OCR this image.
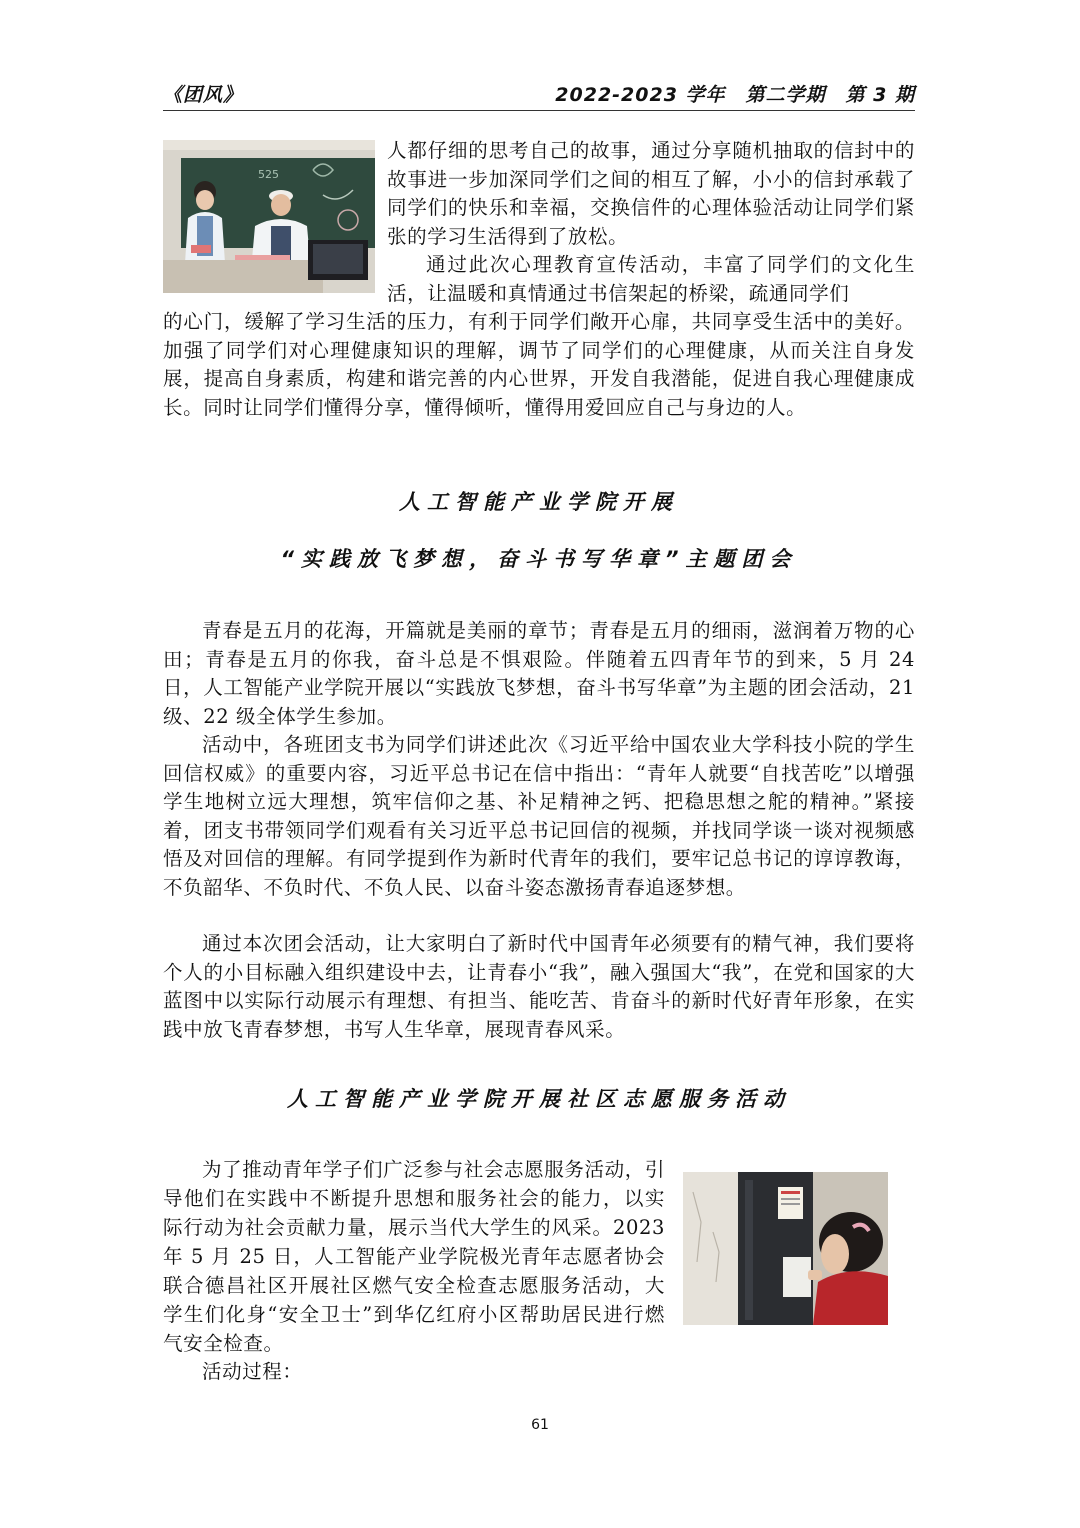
《团风》	2022-2023 学年　第二学期　第 3 期
525

人都仔细的思考自己的故事，通过分享随机抽取的信封中的故事进一步加深同学们之间的相互了解，小小的信封承载了同学们的快乐和幸福，交换信件的心理体验活动让同学们紧张的学习生活得到了放松。

通过此次心理教育宣传活动，丰富了同学们的文化生活，让温暖和真情通过书信架起的桥梁，疏通同学们

的心门，缓解了学习生活的压力，有利于同学们敞开心扉，共同享受生活中的美好。加强了同学们对心理健康知识的理解，调节了同学们的心理健康，从而关注自身发展，提高自身素质，构建和谐完善的内心世界，开发自我潜能，促进自我心理健康成长。同时让同学们懂得分享，懂得倾听，懂得用爱回应自己与身边的人。

人工智能产业学院开展
“实践放飞梦想，奋斗书写华章”主题团会

青春是五月的花海，开篇就是美丽的章节；青春是五月的细雨，滋润着万物的心田；青春是五月的你我，奋斗总是不惧艰险。伴随着五四青年节的到来，5 月 24 日，人工智能产业学院开展以“实践放飞梦想，奋斗书写华章”为主题的团会活动，21 级、22 级全体学生参加。

活动中，各班团支书为同学们讲述此次《习近平给中国农业大学科技小院的学生回信权威》的重要内容，习近平总书记在信中指出：“青年人就要“自找苦吃”以增强学生地树立远大理想，筑牢信仰之基、补足精神之钙、把稳思想之舵的精神。”紧接着，团支书带领同学们观看有关习近平总书记回信的视频，并找同学谈一谈对视频感悟及对回信的理解。有同学提到作为新时代青年的我们，要牢记总书记的谆谆教诲，不负韶华、不负时代、不负人民、以奋斗姿态激扬青春追逐梦想。

通过本次团会活动，让大家明白了新时代中国青年必须要有的精气神，我们要将个人的小目标融入组织建设中去，让青春小“我”，融入强国大“我”，在党和国家的大蓝图中以实际行动展示有理想、有担当、能吃苦、肯奋斗的新时代好青年形象，在实践中放飞青春梦想，书写人生华章，展现青春风采。

人工智能产业学院开展社区志愿服务活动

为了推动青年学子们广泛参与社会志愿服务活动，引导他们在实践中不断提升思想和服务社会的能力，以实际行动为社会贡献力量，展示当代大学生的风采。2023 年 5 月 25 日，人工智能产业学院极光青年志愿者协会联合德昌社区开展社区燃气安全检查志愿服务活动，大学生们化身“安全卫士”到华亿红府小区帮助居民进行燃气安全检查。

活动过程：

61
